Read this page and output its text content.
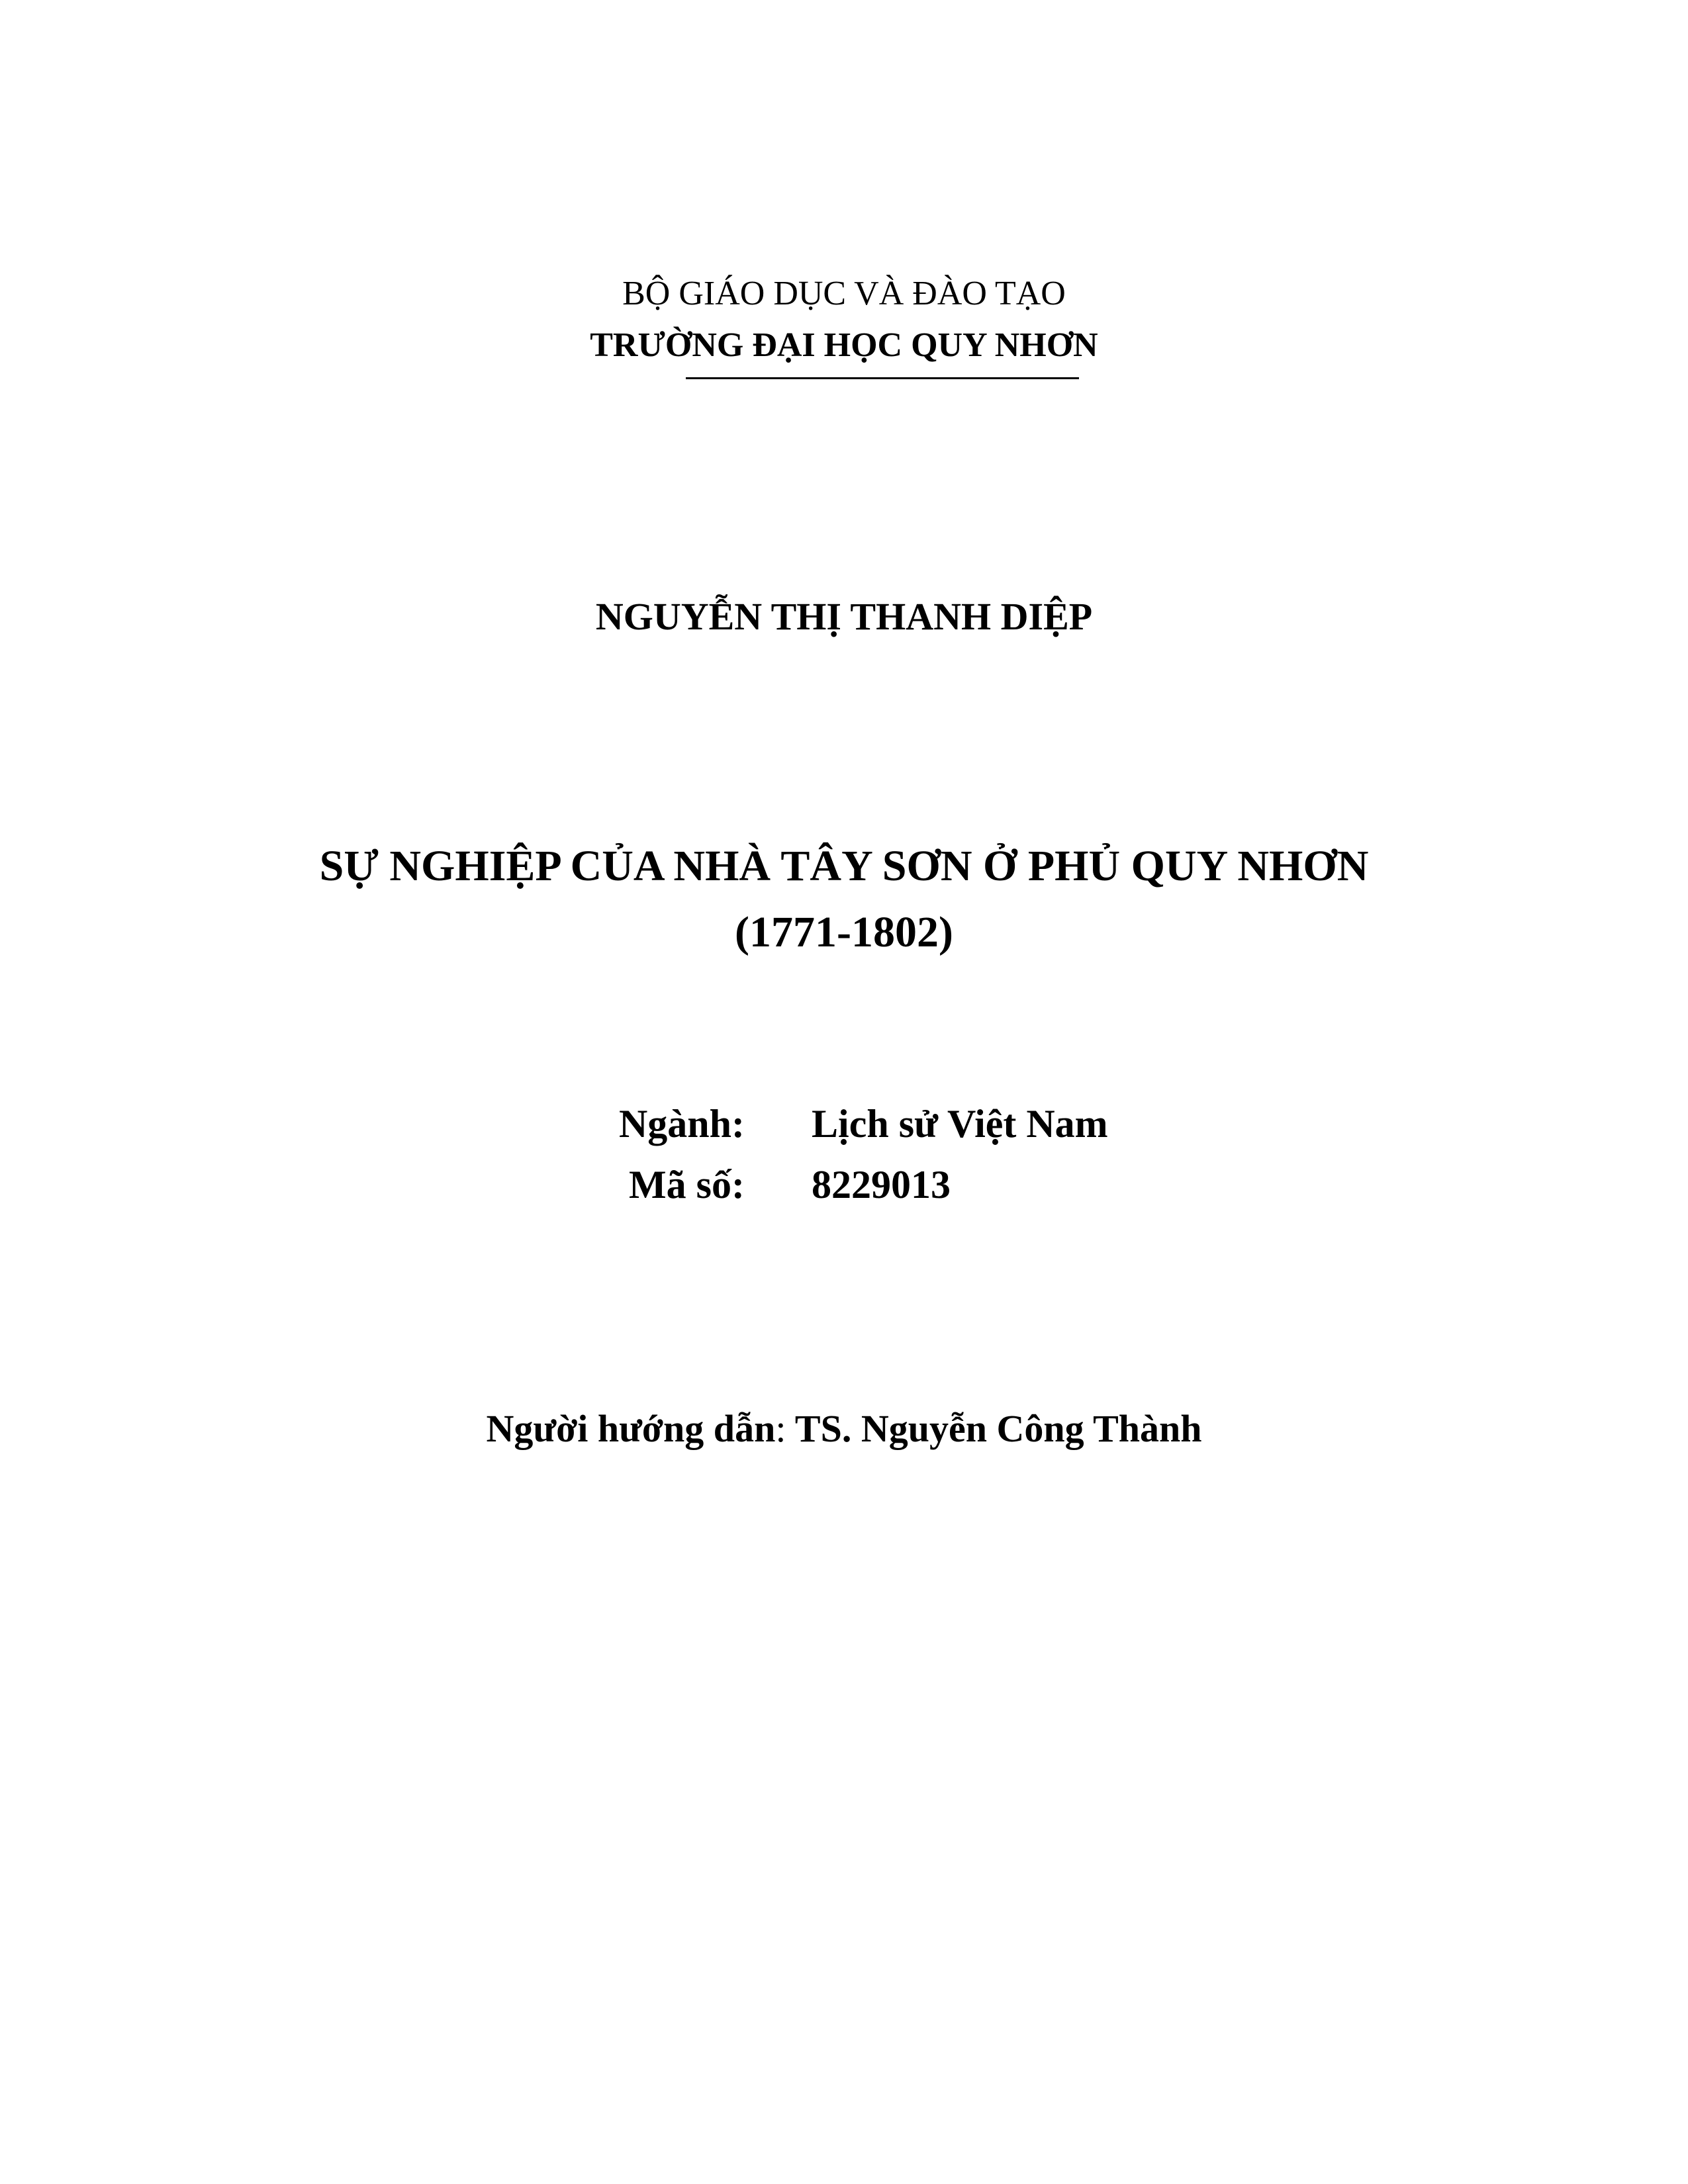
BỘ GIÁO DỤC VÀ ĐÀO TẠO
TRƯỜNG ĐẠI HỌC QUY NHƠN
NGUYỄN THỊ THANH DIỆP
SỰ NGHIỆP CỦA NHÀ TÂY SƠN Ở PHỦ QUY NHƠN
(1771-1802)
Ngành: Lịch sử Việt Nam
Mã số: 8229013
Người hướng dẫn: TS. Nguyễn Công Thành
